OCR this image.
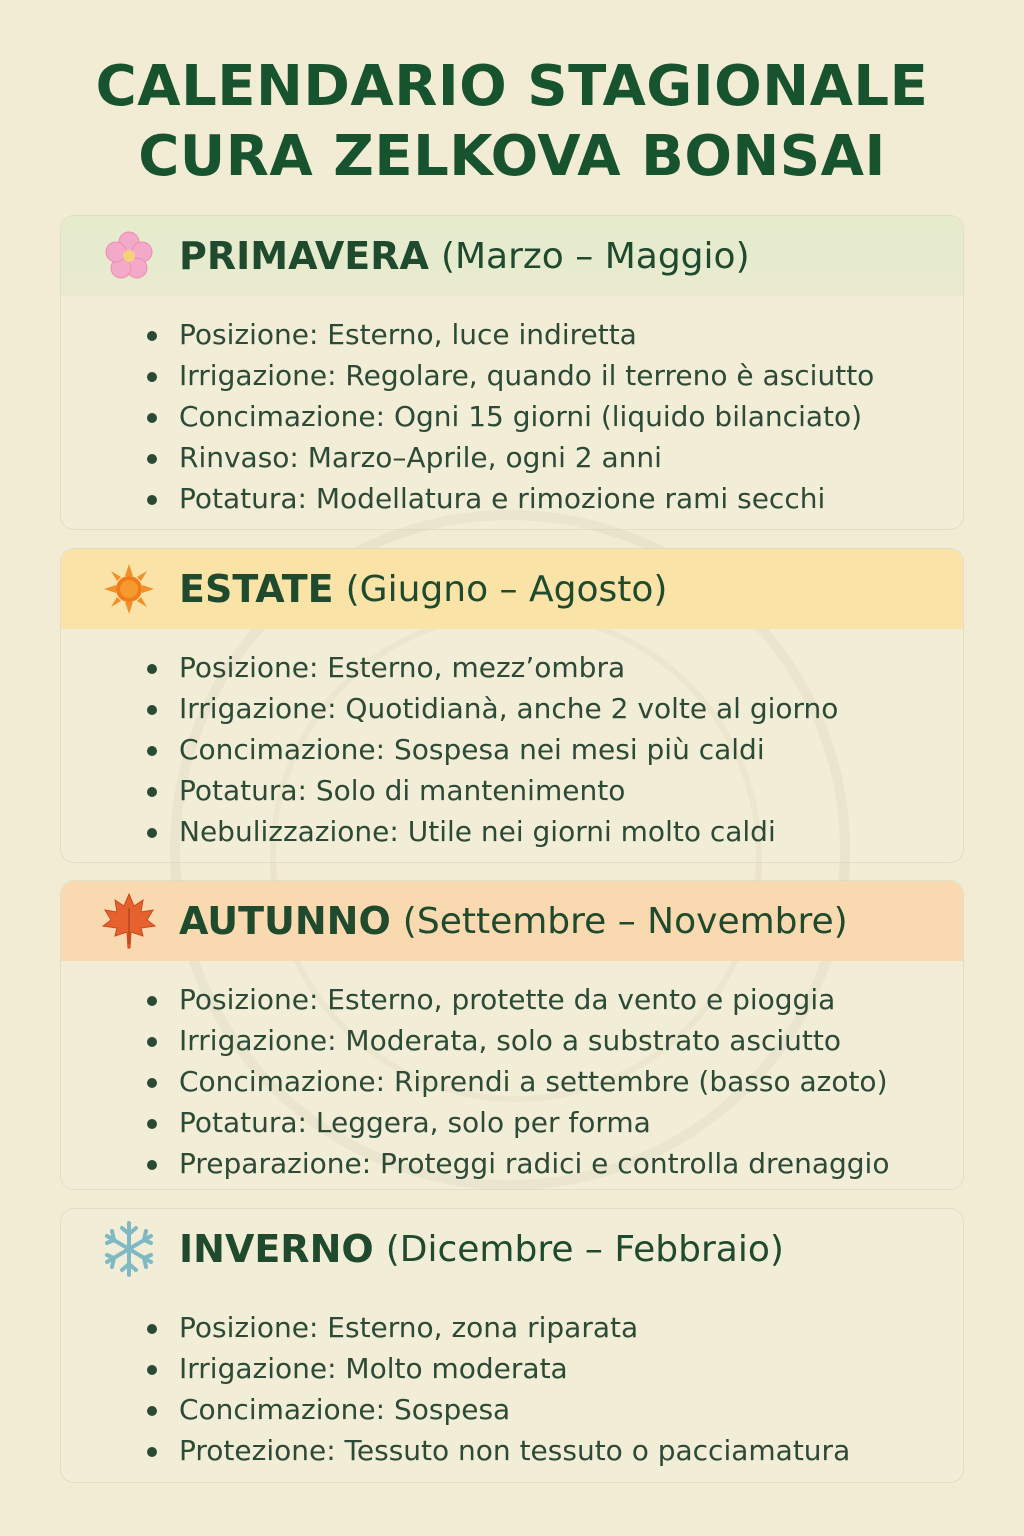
CALENDARIO STAGIONALE
CURA ZELKOVA BONSAI
PRIMAVERA (Marzo – Maggio)
Posizione: Esterno, luce indiretta
Irrigazione: Regolare, quando il terreno è asciutto
Concimazione: Ogni 15 giorni (liquido bilanciato)
Rinvaso: Marzo–Aprile, ogni 2 anni
Potatura: Modellatura e rimozione rami secchi
ESTATE (Giugno – Agosto)
Posizione: Esterno, mezz’ombra
Irrigazione: Quotidianà, anche 2 volte al giorno
Concimazione: Sospesa nei mesi più caldi
Potatura: Solo di mantenimento
Nebulizzazione: Utile nei giorni molto caldi
AUTUNNO (Settembre – Novembre)
Posizione: Esterno, protette da vento e pioggia
Irrigazione: Moderata, solo a substrato asciutto
Concimazione: Riprendi a settembre (basso azoto)
Potatura: Leggera, solo per forma
Preparazione: Proteggi radici e controlla drenaggio
INVERNO (Dicembre – Febbraio)
Posizione: Esterno, zona riparata
Irrigazione: Molto moderata
Concimazione: Sospesa
Protezione: Tessuto non tessuto o pacciamatura
